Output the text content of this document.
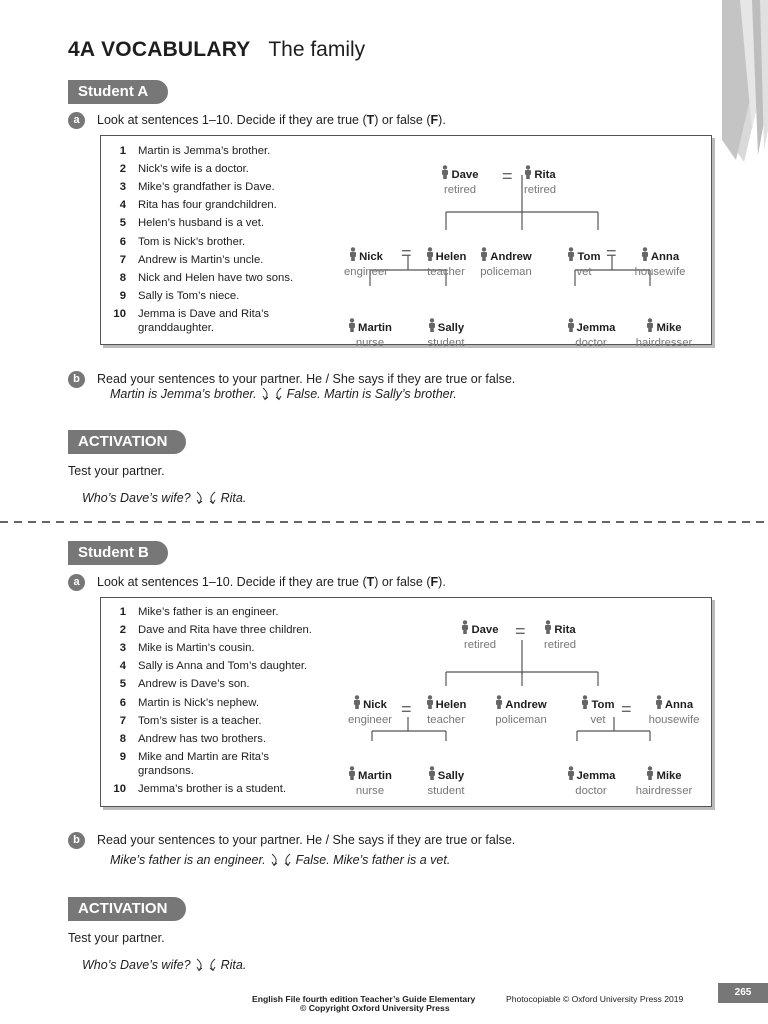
4A VOCABULARY The family
Student A
a	Look at sentences 1–10. Decide if they are true (T) or false (F).
1 Martin is Jemma’s brother.
2 Nick’s wife is a doctor.
3 Mike’s grandfather is Dave.
4 Rita has four grandchildren.
5 Helen’s husband is a vet.
6 Tom is Nick’s brother.
7 Andrew is Martin’s uncle.
8 Nick and Helen have two sons.
9 Sally is Tom’s niece.
10 Jemma is Dave and Rita’s granddaughter.
Dave
retired
Rita
retired
Nick
engineer
Helen
teacher
Andrew
policeman
Tom
vet
Anna
housewife
Martin
nurse
Sally
student
Jemma
doctor
Mike
hairdresser
=
=	=
b	Read your sentences to your partner. He / She says if they are true or false.
Martin is Jemma’s brother. False. Martin is Sally’s brother.
ACTIVATION
Test your partner.
Who’s Dave’s wife? Rita.
Student B
a	Look at sentences 1–10. Decide if they are true (T) or false (F).
1 Mike’s father is an engineer.
2 Dave and Rita have three children.
3 Mike is Martin’s cousin.
4 Sally is Anna and Tom’s daughter.
5 Andrew is Dave’s son.
6 Martin is Nick’s nephew.
7 Tom’s sister is a teacher.
8 Andrew has two brothers.
9 Mike and Martin are Rita’s grandsons.
10 Jemma’s brother is a student.
Dave
retired
Rita
retired
Nick
engineer
Helen
teacher
Andrew
policeman
Tom
vet
Anna
housewife
Martin
nurse
Sally
student
Jemma
doctor
Mike
hairdresser
=
=	=
b	Read your sentences to your partner. He / She says if they are true or false.
Mike’s father is an engineer. False. Mike’s father is a vet.
ACTIVATION
Test your partner.
Who’s Dave’s wife? Rita.
English File fourth edition Teacher’s Guide Elementary	Photocopiable © Oxford University Press 2019
© Copyright Oxford University Press
265
